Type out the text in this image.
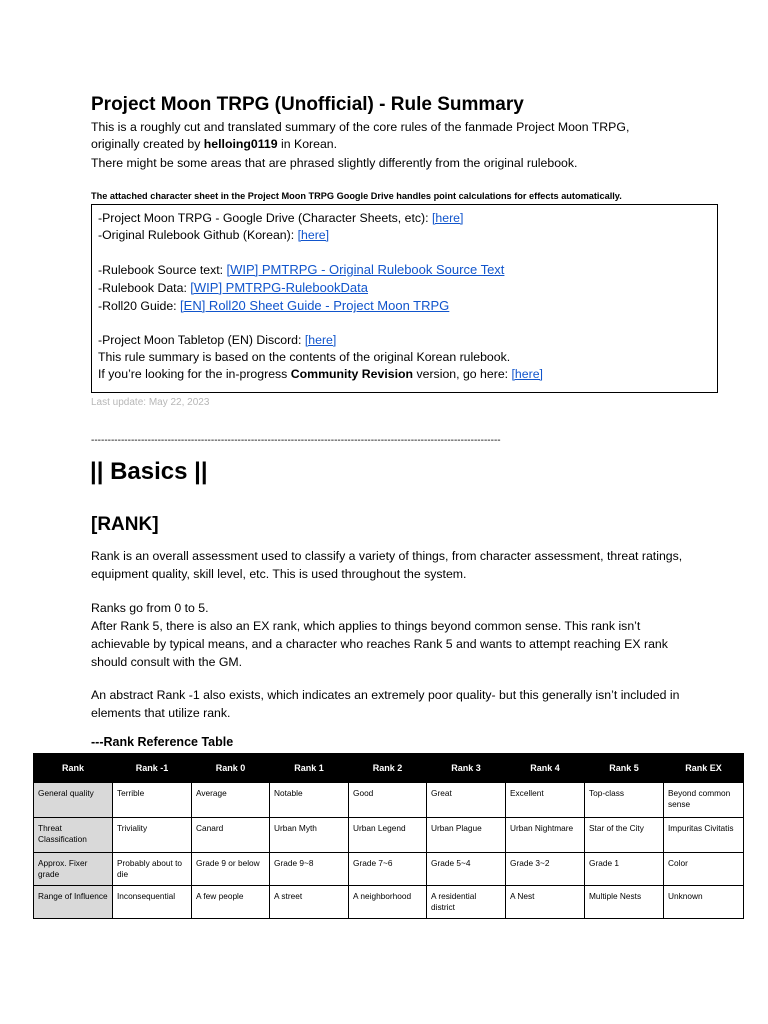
Project Moon TRPG (Unofficial) - Rule Summary

This is a roughly cut and translated summary of the core rules of the fanmade Project Moon TRPG, originally created by helloing0119 in Korean.

There might be some areas that are phrased slightly differently from the original rulebook.

The attached character sheet in the Project Moon TRPG Google Drive handles point calculations for effects automatically.
-Project Moon TRPG - Google Drive (Character Sheets, etc): [here]
-Original Rulebook Github (Korean): [here]
-Rulebook Source text: [WIP] PMTRPG - Original Rulebook Source Text
-Rulebook Data: [WIP] PMTRPG-RulebookData
-Roll20 Guide: [EN] Roll20 Sheet Guide - Project Moon TRPG
-Project Moon Tabletop (EN) Discord: [here]
This rule summary is based on the contents of the original Korean rulebook.
If you’re looking for the in-progress Community Revision version, go here: [here]
Last update: May 22, 2023
---------------------------------------------------------------------------------------------------------------------------
|| Basics ||
[RANK]

Rank is an overall assessment used to classify a variety of things, from character assessment, threat ratings, equipment quality, skill level, etc. This is used throughout the system.

Ranks go from 0 to 5.

After Rank 5, there is also an EX rank, which applies to things beyond common sense. This rank isn’t achievable by typical means, and a character who reaches Rank 5 and wants to attempt reaching EX rank should consult with the GM.

An abstract Rank -1 also exists, which indicates an extremely poor quality- but this generally isn’t included in elements that utilize rank.

---Rank Reference Table
Rank	Rank -1	Rank 0	Rank 1	Rank 2	Rank 3	Rank 4	Rank 5	Rank EX
General quality	Terrible	Average	Notable	Good	Great	Excellent	Top-class	Beyond common sense
Threat Classification	Triviality	Canard	Urban Myth	Urban Legend	Urban Plague	Urban Nightmare	Star of the City	Impuritas Civitatis
Approx. Fixer grade	Probably about to die	Grade 9 or below	Grade 9~8	Grade 7~6	Grade 5~4	Grade 3~2	Grade 1	Color
Range of Influence	Inconsequential	A few people	A street	A neighborhood	A residential district	A Nest	Multiple Nests	Unknown
